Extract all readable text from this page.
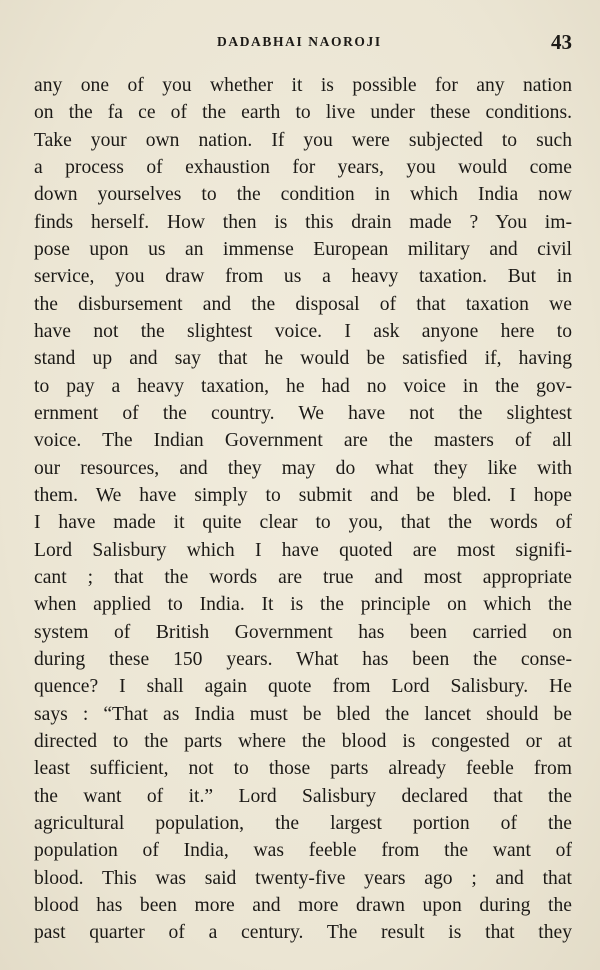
DADABHAI NAOROJI	43
any one of you whether it is possible for any nation
on the fa ce of the earth to live under these conditions.
Take your own nation. If you were subjected to such
a process of exhaustion for years, you would come
down yourselves to the condition in which India now
finds herself. How then is this drain made ? You im-
pose upon us an immense European military and civil
service, you draw from us a heavy taxation. But in
the disbursement and the disposal of that taxation we
have not the slightest voice. I ask anyone here to
stand up and say that he would be satisfied if, having
to pay a heavy taxation, he had no voice in the gov-
ernment of the country. We have not the slightest
voice. The Indian Government are the masters of all
our resources, and they may do what they like with
them. We have simply to submit and be bled. I hope
I have made it quite clear to you, that the words of
Lord Salisbury which I have quoted are most signifi-
cant ; that the words are true and most appropriate
when applied to India. It is the principle on which the
system of British Government has been carried on
during these 150 years. What has been the conse-
quence? I shall again quote from Lord Salisbury. He
says : “That as India must be bled the lancet should be
directed to the parts where the blood is congested or at
least sufficient, not to those parts already feeble from
the want of it.” Lord Salisbury declared that the
agricultural population, the largest portion of the
population of India, was feeble from the want of
blood. This was said twenty-five years ago ; and that
blood has been more and more drawn upon during the
past quarter of a century. The result is that they
